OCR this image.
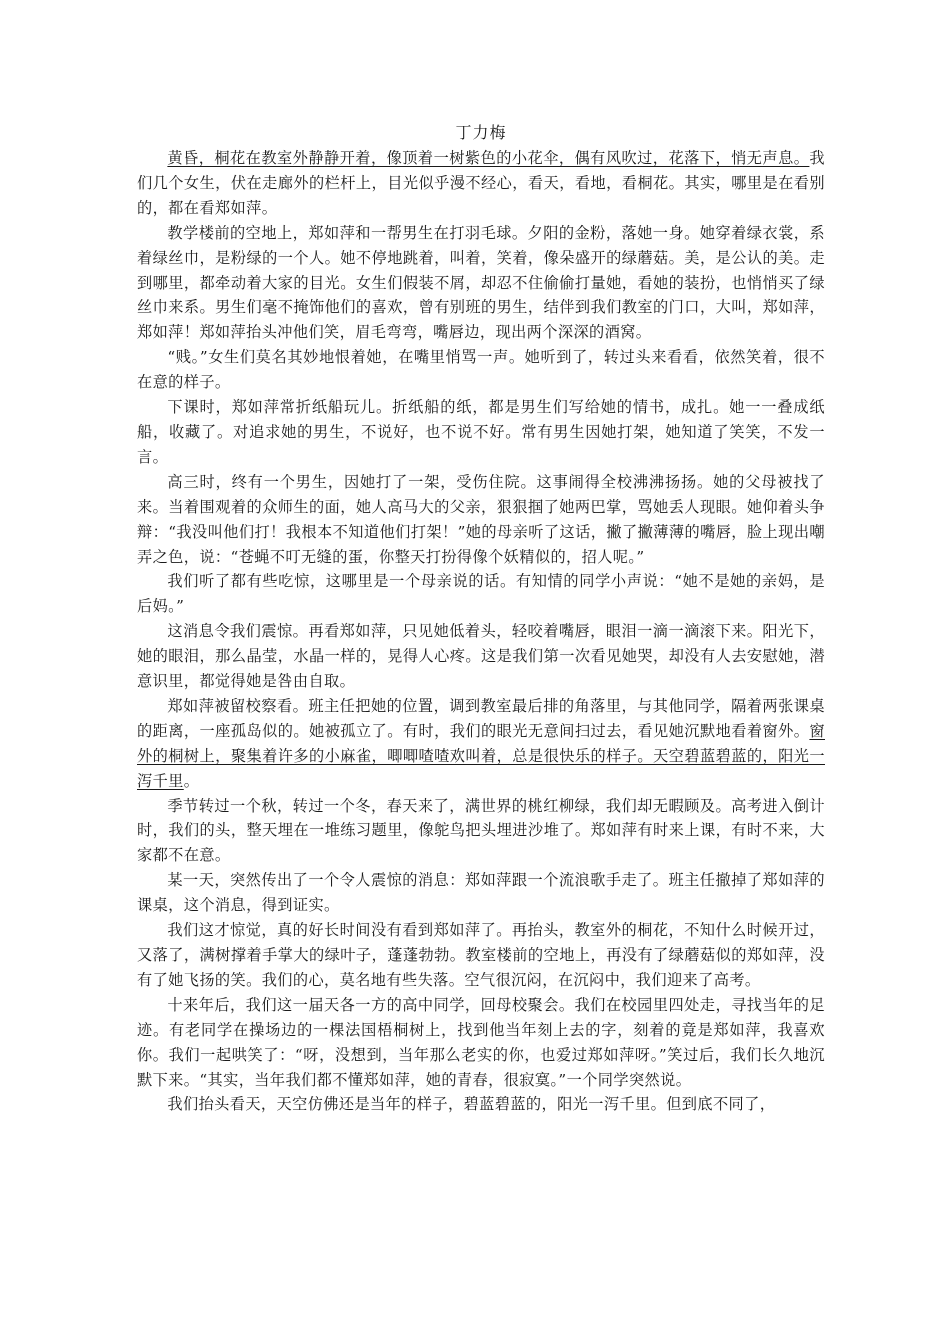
丁力梅

黄昏，桐花在教室外静静开着，像顶着一树紫色的小花伞，偶有风吹过，花落下，悄无声息。我们几个女生，伏在走廊外的栏杆上，目光似乎漫不经心，看天，看地，看桐花。其实，哪里是在看别的，都在看郑如萍。

教学楼前的空地上，郑如萍和一帮男生在打羽毛球。夕阳的金粉，落她一身。她穿着绿衣裳，系着绿丝巾，是粉绿的一个人。她不停地跳着，叫着，笑着，像朵盛开的绿蘑菇。美，是公认的美。走到哪里，都牵动着大家的目光。女生们假装不屑，却忍不住偷偷打量她，看她的装扮，也悄悄买了绿丝巾来系。男生们毫不掩饰他们的喜欢，曾有别班的男生，结伴到我们教室的门口，大叫，郑如萍，郑如萍！郑如萍抬头冲他们笑，眉毛弯弯，嘴唇边，现出两个深深的酒窝。

“贱。”女生们莫名其妙地恨着她，在嘴里悄骂一声。她听到了，转过头来看看，依然笑着，很不在意的样子。

下课时，郑如萍常折纸船玩儿。折纸船的纸，都是男生们写给她的情书，成扎。她一一叠成纸船，收藏了。对追求她的男生，不说好，也不说不好。常有男生因她打架，她知道了笑笑，不发一言。

高三时，终有一个男生，因她打了一架，受伤住院。这事闹得全校沸沸扬扬。她的父母被找了来。当着围观着的众师生的面，她人高马大的父亲，狠狠掴了她两巴掌，骂她丢人现眼。她仰着头争辩：“我没叫他们打！我根本不知道他们打架！”她的母亲听了这话，撇了撇薄薄的嘴唇，脸上现出嘲弄之色，说：“苍蝇不叮无缝的蛋，你整天打扮得像个妖精似的，招人呢。”

我们听了都有些吃惊，这哪里是一个母亲说的话。有知情的同学小声说：“她不是她的亲妈，是后妈。”

这消息令我们震惊。再看郑如萍，只见她低着头，轻咬着嘴唇，眼泪一滴一滴滚下来。阳光下，她的眼泪，那么晶莹，水晶一样的，晃得人心疼。这是我们第一次看见她哭，却没有人去安慰她，潜意识里，都觉得她是咎由自取。

郑如萍被留校察看。班主任把她的位置，调到教室最后排的角落里，与其他同学，隔着两张课桌的距离，一座孤岛似的。她被孤立了。有时，我们的眼光无意间扫过去，看见她沉默地看着窗外。窗外的桐树上，聚集着许多的小麻雀，唧唧喳喳欢叫着，总是很快乐的样子。天空碧蓝碧蓝的，阳光一泻千里。

季节转过一个秋，转过一个冬，春天来了，满世界的桃红柳绿，我们却无暇顾及。高考进入倒计时，我们的头，整天埋在一堆练习题里，像鸵鸟把头埋进沙堆了。郑如萍有时来上课，有时不来，大家都不在意。

某一天，突然传出了一个令人震惊的消息：郑如萍跟一个流浪歌手走了。班主任撤掉了郑如萍的课桌，这个消息，得到证实。

我们这才惊觉，真的好长时间没有看到郑如萍了。再抬头，教室外的桐花，不知什么时候开过，又落了，满树撑着手掌大的绿叶子，蓬蓬勃勃。教室楼前的空地上，再没有了绿蘑菇似的郑如萍，没有了她飞扬的笑。我们的心，莫名地有些失落。空气很沉闷，在沉闷中，我们迎来了高考。

十来年后，我们这一届天各一方的高中同学，回母校聚会。我们在校园里四处走，寻找当年的足迹。有老同学在操场边的一棵法国梧桐树上，找到他当年刻上去的字，刻着的竟是郑如萍，我喜欢你。我们一起哄笑了：“呀，没想到，当年那么老实的你，也爱过郑如萍呀。”笑过后，我们长久地沉默下来。“其实，当年我们都不懂郑如萍，她的青春，很寂寞。”一个同学突然说。

我们抬头看天，天空仿佛还是当年的样子，碧蓝碧蓝的，阳光一泻千里。但到底不同了，
